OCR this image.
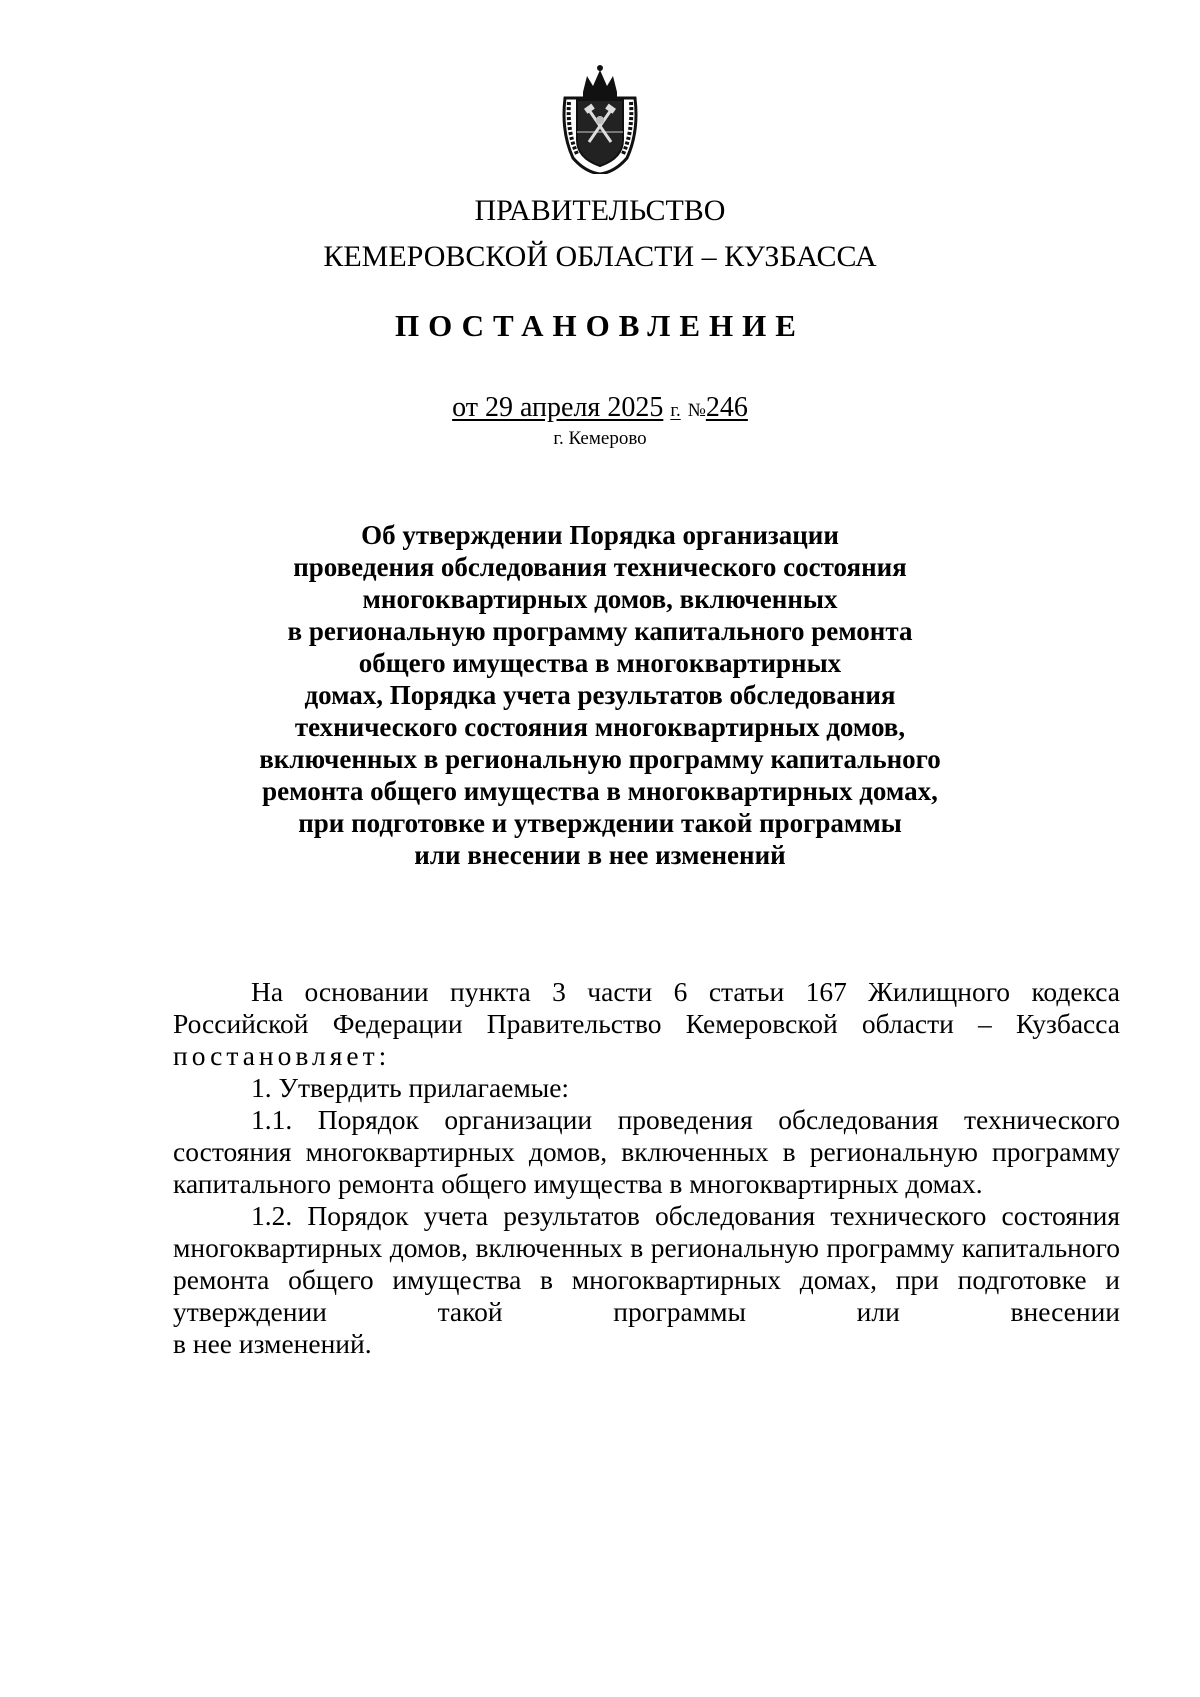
ПРАВИТЕЛЬСТВО
КЕМЕРОВСКОЙ ОБЛАСТИ – КУЗБАССА
ПОСТАНОВЛЕНИЕ
от 29 апреля 2025 г. №246
г. Кемерово
Об утверждении Порядка организации
проведения обследования технического состояния
многоквартирных домов, включенных
в региональную программу капитального ремонта
общего имущества в многоквартирных
домах, Порядка учета результатов обследования
технического состояния многоквартирных домов,
включенных в региональную программу капитального
ремонта общего имущества в многоквартирных домах,
при подготовке и утверждении такой программы
или внесении в нее изменений

На основании пункта 3 части 6 статьи 167 Жилищного кодекса Российской Федерации Правительство Кемеровской области – Кузбасса постановляет:

1. Утвердить прилагаемые:

1.1. Порядок организации проведения обследования технического состояния многоквартирных домов, включенных в региональную программу капитального ремонта общего имущества в многоквартирных домах.

1.2. Порядок учета результатов обследования технического состояния многоквартирных домов, включенных в региональную программу капитального ремонта общего имущества в многоквартирных домах, при подготовке и утверждении такой программы или внесении

в нее изменений.
